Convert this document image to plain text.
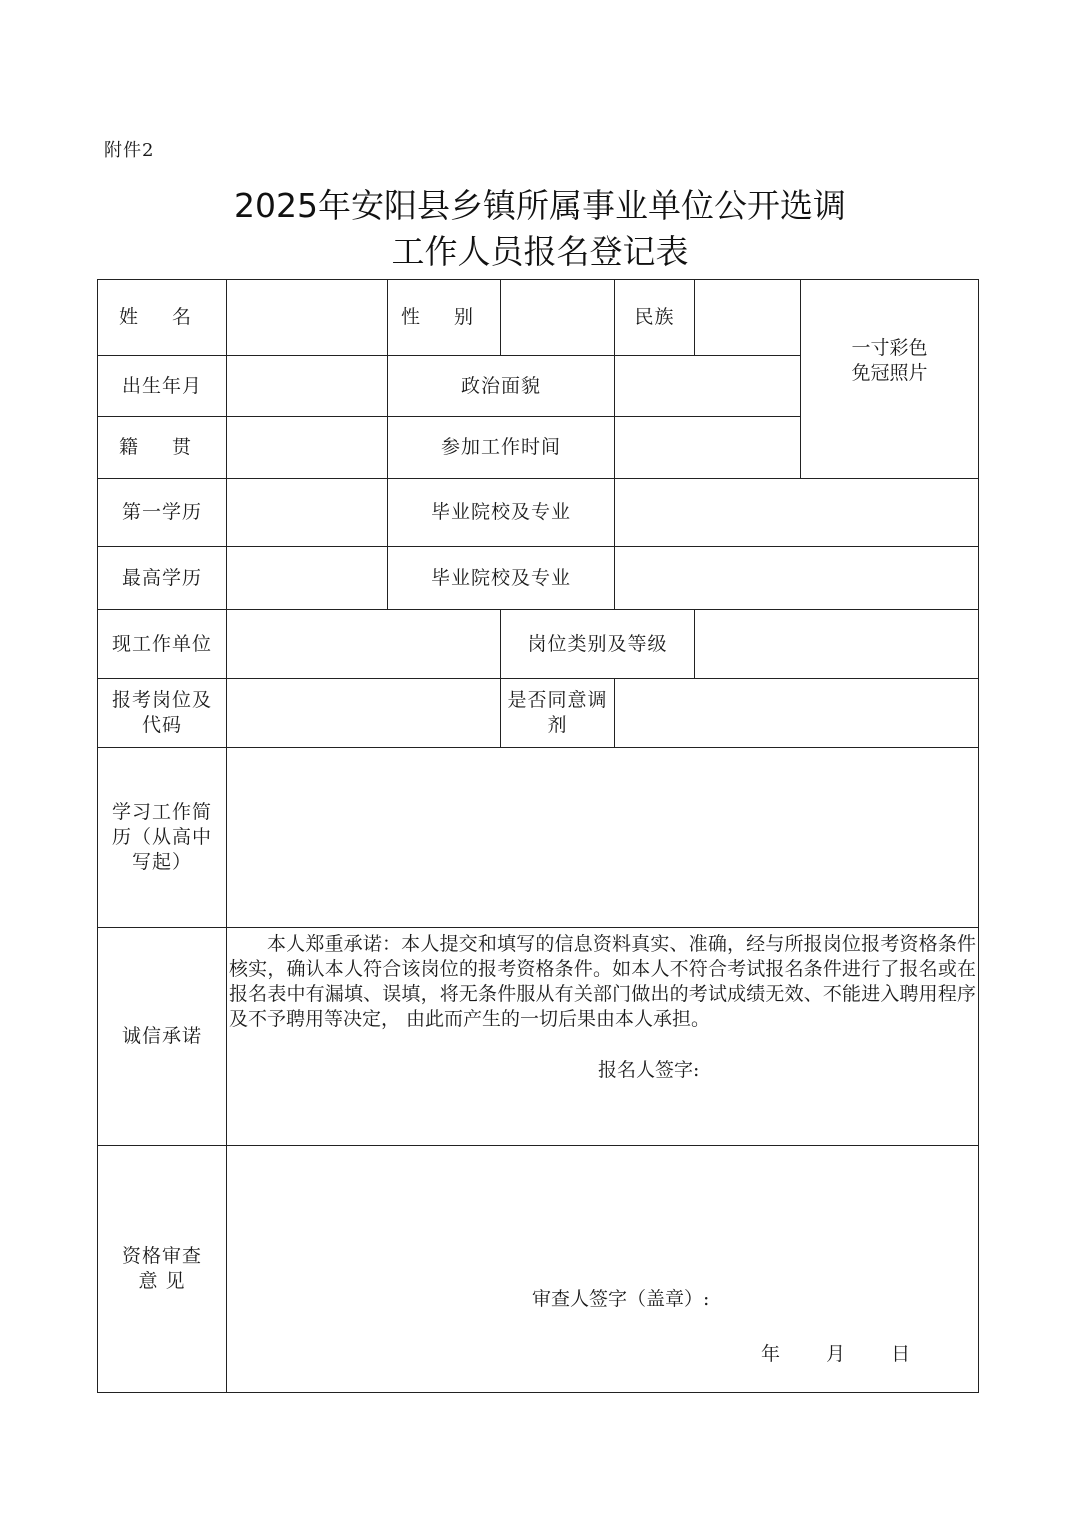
附件2
2025年安阳县乡镇所属事业单位公开选调
工作人员报名登记表
姓 名		性 别		民族		一寸彩色
免冠照片

出生年月		政治面貌				
籍 贯		参加工作时间				
第一学历		毕业院校及专业				
最高学历		毕业院校及专业				
现工作单位			岗位类别及等级			
报考岗位及代码			是否同意调剂			
学习工作简历（从高中写起）						
诚信承诺	本人郑重承诺：本人提交和填写的信息资料真实、准确，经与所报岗位报考资格条件核实，确认本人符合该岗位的报考资格条件。如本人不符合考试报名条件进行了报名或在报名表中有漏填、误填，将无条件服从有关部门做出的考试成绩无效、不能进入聘用程序及不予聘用等决定， 由此而产生的一切后果由本人承担。
报名人签字:					

资格审查意 见	审查人签字（盖章）:
年 月 日					
